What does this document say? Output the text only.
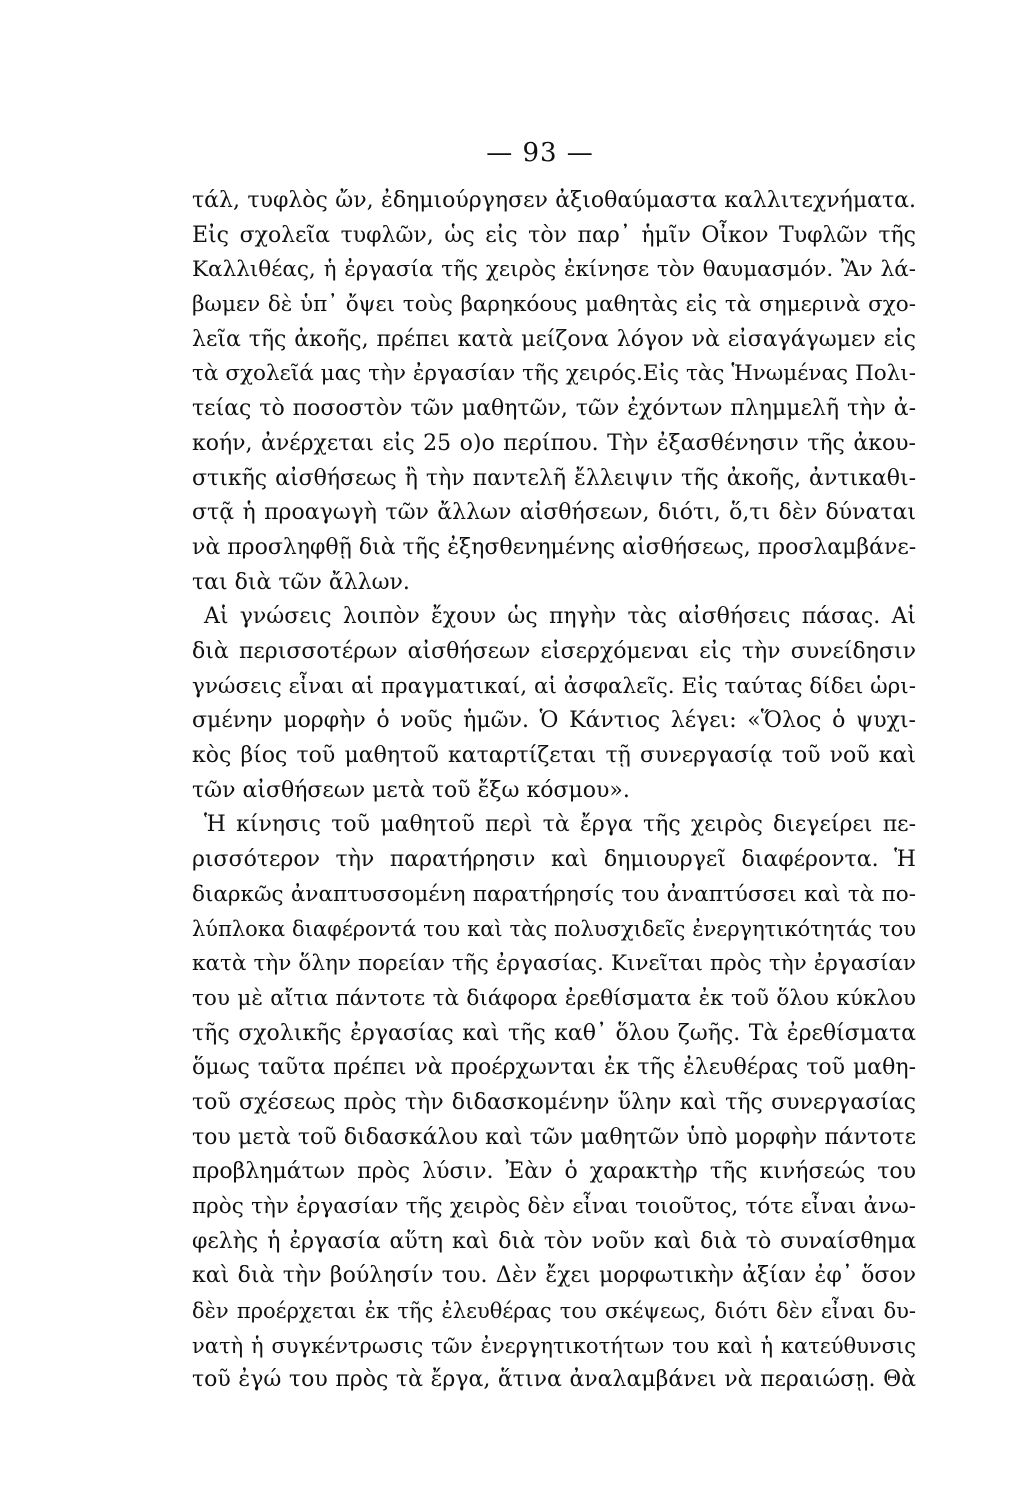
— 93 —
τάλ, τυφλὸς ὤν, ἐδημιούργησεν ἀξιοθαύμαστα καλλιτεχνήματα.
Εἰς σχολεῖα τυφλῶν, ὡς εἰς τὸν παρ᾽ ἡμῖν Οἶκον Τυφλῶν τῆς
Καλλιθέας, ἡ ἐργασία τῆς χειρὸς ἐκίνησε τὸν θαυμασμόν. Ἂν λά-
βωμεν δὲ ὑπ᾽ ὄψει τοὺς βαρηκόους μαθητὰς εἰς τὰ σημερινὰ σχο-
λεῖα τῆς ἀκοῆς, πρέπει κατὰ μείζονα λόγον νὰ εἰσαγάγωμεν εἰς
τὰ σχολεῖά μας τὴν ἐργασίαν τῆς χειρός.Εἰς τὰς Ἡνωμένας Πολι-
τείας τὸ ποσοστὸν τῶν μαθητῶν, τῶν ἐχόντων πλημμελῆ τὴν ἀ-
κοήν, ἀνέρχεται εἰς 25 ο)ο περίπου. Τὴν ἐξασθένησιν τῆς ἀκου-
στικῆς αἰσθήσεως ἢ τὴν παντελῆ ἔλλειψιν τῆς ἀκοῆς, ἀντικαθι-
στᾷ ἡ προαγωγὴ τῶν ἄλλων αἰσθήσεων, διότι, ὅ,τι δὲν δύναται
νὰ προσληφθῇ διὰ τῆς ἐξησθενημένης αἰσθήσεως, προσλαμβάνε-
ται διὰ τῶν ἄλλων.
Αἱ γνώσεις λοιπὸν ἔχουν ὡς πηγὴν τὰς αἰσθήσεις πάσας. Αἱ
διὰ περισσοτέρων αἰσθήσεων εἰσερχόμεναι εἰς τὴν συνείδησιν
γνώσεις εἶναι αἱ πραγματικαί, αἱ ἀσφαλεῖς. Εἰς ταύτας δίδει ὡρι-
σμένην μορφὴν ὁ νοῦς ἡμῶν. Ὁ Κάντιος λέγει: «Ὅλος ὁ ψυχι-
κὸς βίος τοῦ μαθητοῦ καταρτίζεται τῇ συνεργασίᾳ τοῦ νοῦ καὶ
τῶν αἰσθήσεων μετὰ τοῦ ἔξω κόσμου».
Ἡ κίνησις τοῦ μαθητοῦ περὶ τὰ ἔργα τῆς χειρὸς διεγείρει πε-
ρισσότερον τὴν παρατήρησιν καὶ δημιουργεῖ διαφέροντα. Ἡ
διαρκῶς ἀναπτυσσομένη παρατήρησίς του ἀναπτύσσει καὶ τὰ πο-
λύπλοκα διαφέροντά του καὶ τὰς πολυσχιδεῖς ἐνεργητικότητάς του
κατὰ τὴν ὅλην πορείαν τῆς ἐργασίας. Κινεῖται πρὸς τὴν ἐργασίαν
του μὲ αἴτια πάντοτε τὰ διάφορα ἐρεθίσματα ἐκ τοῦ ὅλου κύκλου
τῆς σχολικῆς ἐργασίας καὶ τῆς καθ᾽ ὅλου ζωῆς. Τὰ ἐρεθίσματα
ὅμως ταῦτα πρέπει νὰ προέρχωνται ἐκ τῆς ἐλευθέρας τοῦ μαθη-
τοῦ σχέσεως πρὸς τὴν διδασκομένην ὕλην καὶ τῆς συνεργασίας
του μετὰ τοῦ διδασκάλου καὶ τῶν μαθητῶν ὑπὸ μορφὴν πάντοτε
προβλημάτων πρὸς λύσιν. Ἐὰν ὁ χαρακτὴρ τῆς κινήσεώς του
πρὸς τὴν ἐργασίαν τῆς χειρὸς δὲν εἶναι τοιοῦτος, τότε εἶναι ἀνω-
φελὴς ἡ ἐργασία αὕτη καὶ διὰ τὸν νοῦν καὶ διὰ τὸ συναίσθημα
καὶ διὰ τὴν βούλησίν του. Δὲν ἔχει μορφωτικὴν ἀξίαν ἐφ᾽ ὅσον
δὲν προέρχεται ἐκ τῆς ἐλευθέρας του σκέψεως, διότι δὲν εἶναι δυ-
νατὴ ἡ συγκέντρωσις τῶν ἐνεργητικοτήτων του καὶ ἡ κατεύθυνσις
τοῦ ἐγώ του πρὸς τὰ ἔργα, ἅτινα ἀναλαμβάνει νὰ περαιώσῃ. Θὰ
